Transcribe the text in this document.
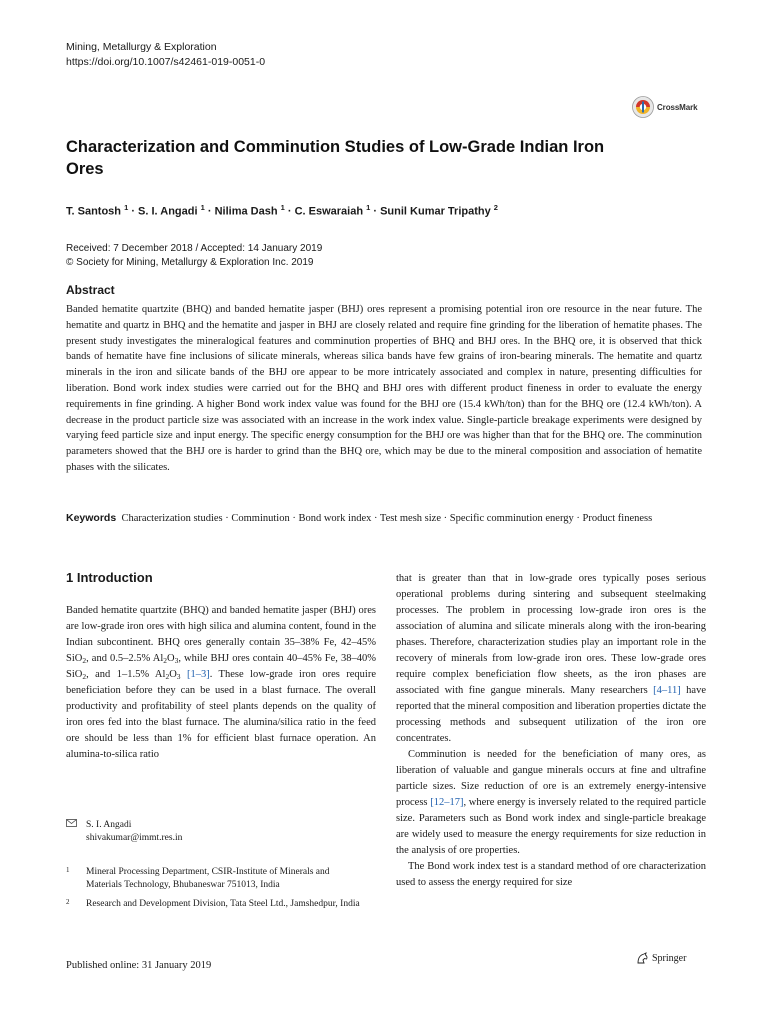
Mining, Metallurgy & Exploration
https://doi.org/10.1007/s42461-019-0051-0
CrossMark
Characterization and Comminution Studies of Low-Grade Indian Iron Ores
T. Santosh $^1$ · S. I. Angadi $^1$ · Nilima Dash $^1$ · C. Eswaraiah $^1$ · Sunil Kumar Tripathy $^2$
Received: 7 December 2018 / Accepted: 14 January 2019
© Society for Mining, Metallurgy & Exploration Inc. 2019
Abstract

Banded hematite quartzite (BHQ) and banded hematite jasper (BHJ) ores represent a promising potential iron ore resource in the near future. The hematite and quartz in BHQ and the hematite and jasper in BHJ are closely related and require fine grinding for the liberation of hematite phases. The present study investigates the mineralogical features and comminution properties of BHQ and BHJ ores. In the BHQ ore, it is observed that thick bands of hematite have fine inclusions of silicate minerals, whereas silica bands have few grains of iron-bearing minerals. The hematite and quartz minerals in the iron and silicate bands of the BHJ ore appear to be more intricately associated and complex in nature, presenting difficulties for liberation. Bond work index studies were carried out for the BHQ and BHJ ores with different product fineness in order to evaluate the energy requirements in fine grinding. A higher Bond work index value was found for the BHJ ore (15.4 kWh/ton) than for the BHQ ore (12.4 kWh/ton). A decrease in the product particle size was associated with an increase in the work index value. Single-particle breakage experiments were designed by varying feed particle size and input energy. The specific energy consumption for the BHJ ore was higher than that for the BHQ ore. The comminution parameters showed that the BHJ ore is harder to grind than the BHQ ore, which may be due to the mineral composition and association of hematite phases with the silicates.

Keywords Characterization studies · Comminution · Bond work index · Test mesh size · Specific comminution energy · Product fineness

1 Introduction

Banded hematite quartzite (BHQ) and banded hematite jasper (BHJ) ores are low-grade iron ores with high silica and alumina content, found in the Indian subcontinent. BHQ ores generally contain 35–38% Fe, 42–45% SiO$_2$, and 0.5–2.5% $Al_2O_3$, while BHJ ores contain 40–45% Fe, 38–40% SiO$_2$, and 1–1.5% $Al_2O_3$ [1–3]. These low-grade iron ores require beneficiation before they can be used in a blast furnace. The overall productivity and profitability of steel plants depends on the quality of iron ores fed into the blast furnace. The alumina/silica ratio in the feed ore should be less than 1% for efficient blast furnace operation. An alumina-to-silica ratio

that is greater than that in low-grade ores typically poses serious operational problems during sintering and subsequent steelmaking processes. The problem in processing low-grade iron ores is the association of alumina and silicate minerals along with the iron-bearing phases. Therefore, characterization studies play an important role in the recovery of minerals from low-grade iron ores. These low-grade ores require complex beneficiation flow sheets, as the iron phases are associated with fine gangue minerals. Many researchers [4–11] have reported that the mineral composition and liberation properties dictate the processing methods and subsequent utilization of the iron ore concentrates.

Comminution is needed for the beneficiation of many ores, as liberation of valuable and gangue minerals occurs at fine and ultrafine particle sizes. Size reduction of ore is an extremely energy-intensive process [12–17], where energy is inversely related to the required particle size. Parameters such as Bond work index and single-particle breakage are widely used to measure the energy requirements for size reduction in the analysis of ore properties.

The Bond work index test is a standard method of ore characterization used to assess the energy required for size

S. I. Angadi
shivakumar@immt.res.in
1 Mineral Processing Department, CSIR-Institute of Minerals and Materials Technology, Bhubaneswar 751013, India
2 Research and Development Division, Tata Steel Ltd., Jamshedpur, India
Published online: 31 January 2019
Springer
